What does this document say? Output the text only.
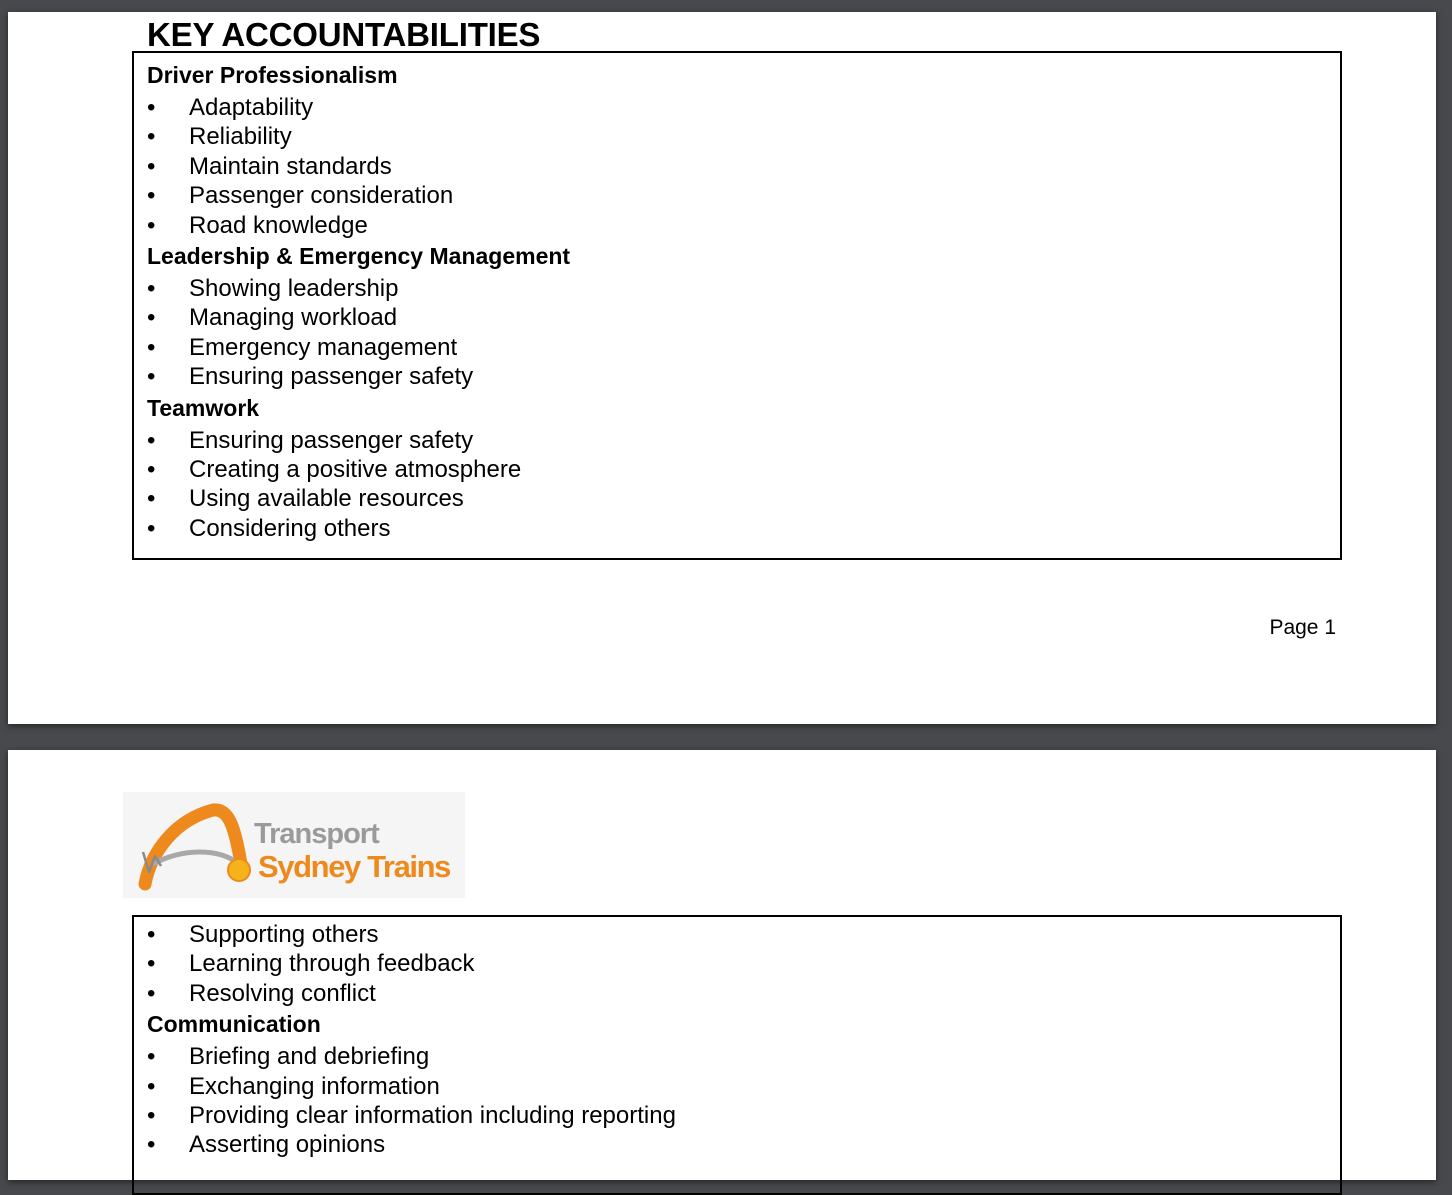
KEY ACCOUNTABILITIES
Driver Professionalism
• Adaptability
• Reliability
• Maintain standards
• Passenger consideration
• Road knowledge
Leadership & Emergency Management
• Showing leadership
• Managing workload
• Emergency management
• Ensuring passenger safety
Teamwork
• Ensuring passenger safety
• Creating a positive atmosphere
• Using available resources
• Considering others
Page 1
Transport
Sydney Trains
• Supporting others
• Learning through feedback
• Resolving conflict
Communication
• Briefing and debriefing
• Exchanging information
• Providing clear information including reporting
• Asserting opinions
